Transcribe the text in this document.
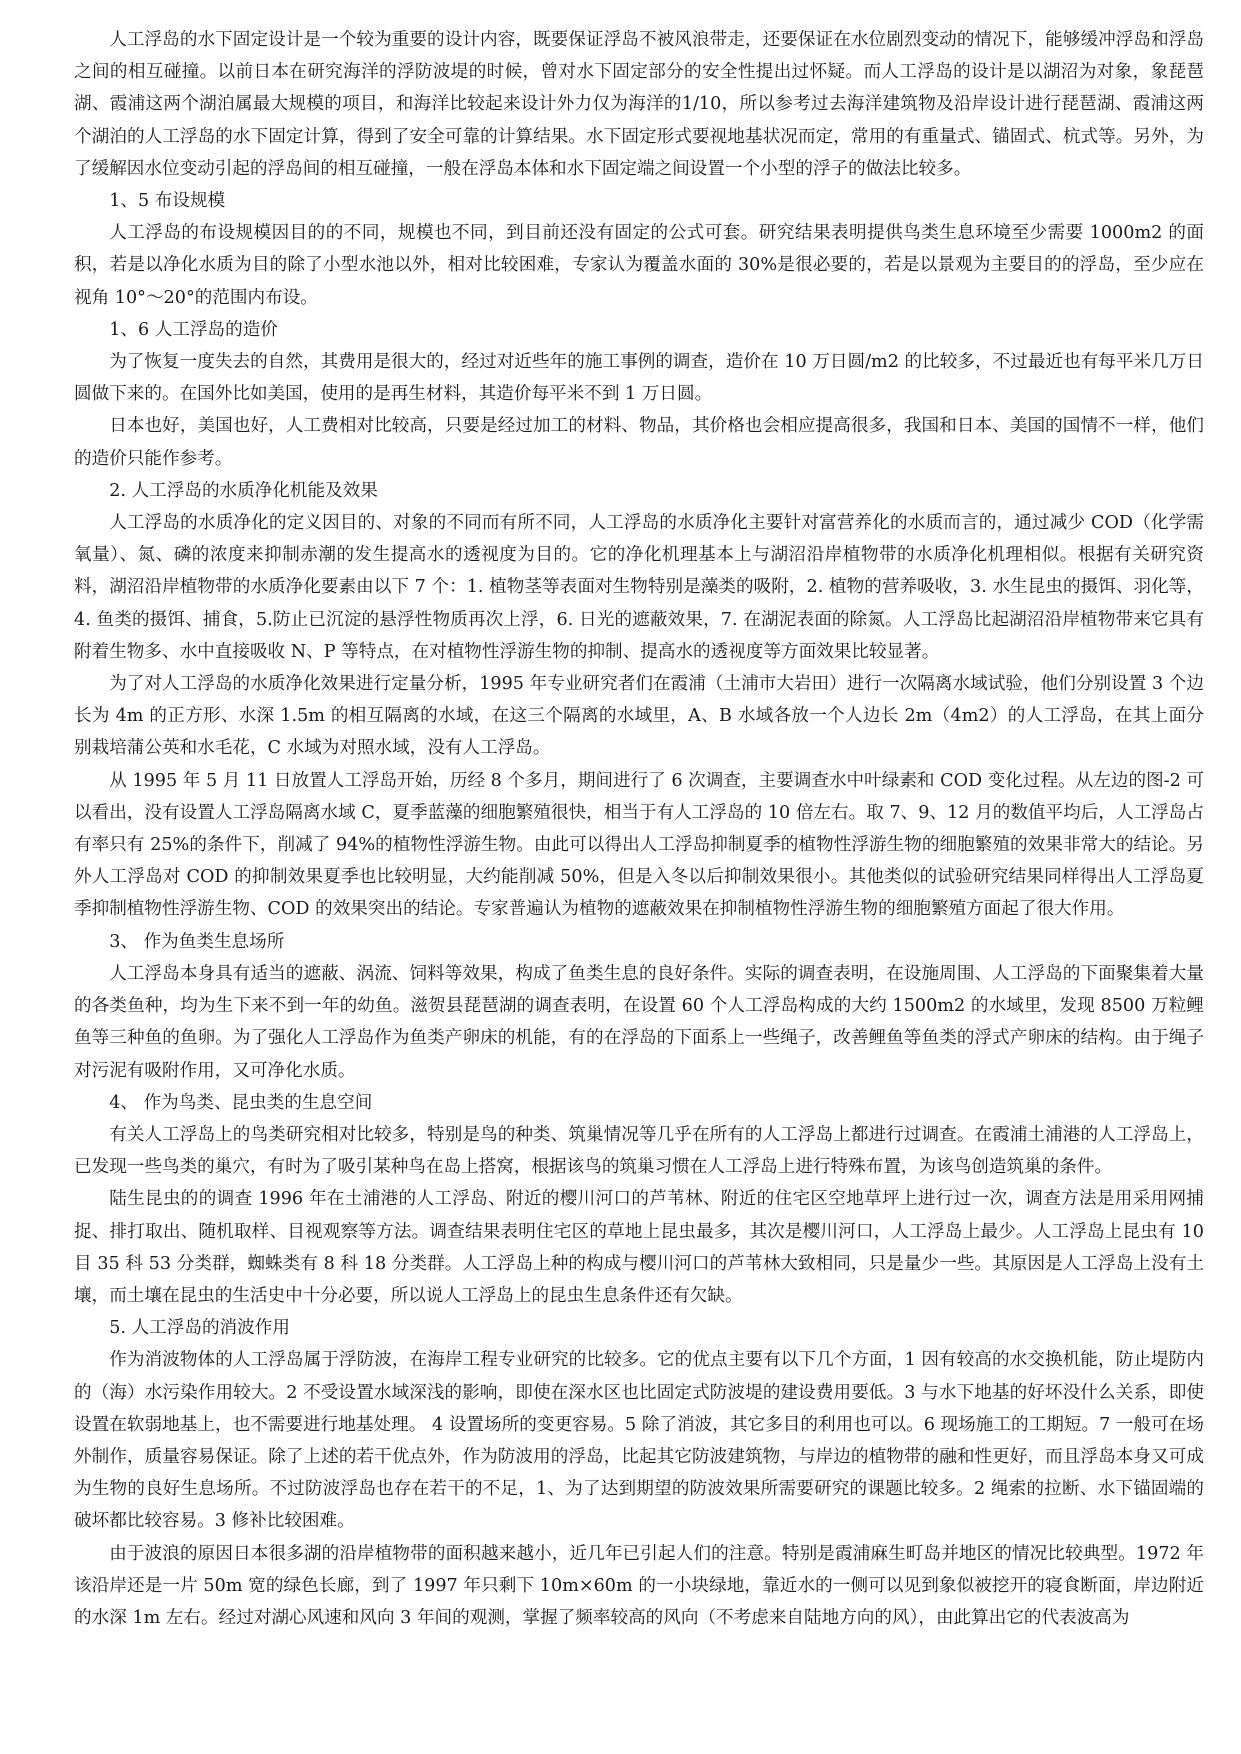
人工浮岛的水下固定设计是一个较为重要的设计内容，既要保证浮岛不被风浪带走，还要保证在水位剧烈变动的情况下，能够缓冲浮岛和浮岛之间的相互碰撞。以前日本在研究海洋的浮防波堤的时候，曾对水下固定部分的安全性提出过怀疑。而人工浮岛的设计是以湖沼为对象，象琵琶湖、霞浦这两个湖泊属最大规模的项目，和海洋比较起来设计外力仅为海洋的1/10，所以参考过去海洋建筑物及沿岸设计进行琵琶湖、霞浦这两个湖泊的人工浮岛的水下固定计算，得到了安全可靠的计算结果。水下固定形式要视地基状况而定，常用的有重量式、锚固式、杭式等。另外，为了缓解因水位变动引起的浮岛间的相互碰撞，一般在浮岛本体和水下固定端之间设置一个小型的浮子的做法比较多。

1、5 布设规模

人工浮岛的布设规模因目的的不同，规模也不同，到目前还没有固定的公式可套。研究结果表明提供鸟类生息环境至少需要 1000m2 的面积，若是以净化水质为目的除了小型水池以外，相对比较困难，专家认为覆盖水面的 30%是很必要的，若是以景观为主要目的的浮岛，至少应在视角 10°～20°的范围内布设。

1、6 人工浮岛的造价

为了恢复一度失去的自然，其费用是很大的，经过对近些年的施工事例的调查，造价在 10 万日圆/m2 的比较多，不过最近也有每平米几万日圆做下来的。在国外比如美国，使用的是再生材料，其造价每平米不到 1 万日圆。

日本也好，美国也好，人工费相对比较高，只要是经过加工的材料、物品，其价格也会相应提高很多，我国和日本、美国的国情不一样，他们的造价只能作参考。

2. 人工浮岛的水质净化机能及效果

人工浮岛的水质净化的定义因目的、对象的不同而有所不同，人工浮岛的水质净化主要针对富营养化的水质而言的，通过减少 COD（化学需氧量）、氮、磷的浓度来抑制赤潮的发生提高水的透视度为目的。它的净化机理基本上与湖沼沿岸植物带的水质净化机理相似。根据有关研究资料，湖沼沿岸植物带的水质净化要素由以下 7 个：1. 植物茎等表面对生物特别是藻类的吸附，2. 植物的营养吸收，3. 水生昆虫的摄饵、羽化等，4. 鱼类的摄饵、捕食，5.防止已沉淀的悬浮性物质再次上浮，6. 日光的遮蔽效果，7. 在湖泥表面的除氮。人工浮岛比起湖沼沿岸植物带来它具有附着生物多、水中直接吸收 N、P 等特点，在对植物性浮游生物的抑制、提高水的透视度等方面效果比较显著。

为了对人工浮岛的水质净化效果进行定量分析，1995 年专业研究者们在霞浦（土浦市大岩田）进行一次隔离水域试验，他们分别设置 3 个边长为 4m 的正方形、水深 1.5m 的相互隔离的水域，在这三个隔离的水域里，A、B 水域各放一个人边长 2m（4m2）的人工浮岛，在其上面分别栽培蒲公英和水毛花，C 水域为对照水域，没有人工浮岛。

从 1995 年 5 月 11 日放置人工浮岛开始，历经 8 个多月，期间进行了 6 次调查，主要调查水中叶绿素和 COD 变化过程。从左边的图-2 可以看出，没有设置人工浮岛隔离水域 C，夏季蓝藻的细胞繁殖很快，相当于有人工浮岛的 10 倍左右。取 7、9、12 月的数值平均后，人工浮岛占有率只有 25%的条件下，削减了 94%的植物性浮游生物。由此可以得出人工浮岛抑制夏季的植物性浮游生物的细胞繁殖的效果非常大的结论。另外人工浮岛对 COD 的抑制效果夏季也比较明显，大约能削减 50%，但是入冬以后抑制效果很小。其他类似的试验研究结果同样得出人工浮岛夏季抑制植物性浮游生物、COD 的效果突出的结论。专家普遍认为植物的遮蔽效果在抑制植物性浮游生物的细胞繁殖方面起了很大作用。

3、 作为鱼类生息场所

人工浮岛本身具有适当的遮蔽、涡流、饲料等效果，构成了鱼类生息的良好条件。实际的调查表明，在设施周围、人工浮岛的下面聚集着大量的各类鱼种，均为生下来不到一年的幼鱼。滋贺县琵琶湖的调查表明，在设置 60 个人工浮岛构成的大约 1500m2 的水域里，发现 8500 万粒鲤鱼等三种鱼的鱼卵。为了强化人工浮岛作为鱼类产卵床的机能，有的在浮岛的下面系上一些绳子，改善鲤鱼等鱼类的浮式产卵床的结构。由于绳子对污泥有吸附作用，又可净化水质。

4、 作为鸟类、昆虫类的生息空间

有关人工浮岛上的鸟类研究相对比较多，特别是鸟的种类、筑巢情况等几乎在所有的人工浮岛上都进行过调查。在霞浦土浦港的人工浮岛上，已发现一些鸟类的巢穴，有时为了吸引某种鸟在岛上搭窝，根据该鸟的筑巢习惯在人工浮岛上进行特殊布置，为该鸟创造筑巢的条件。

陆生昆虫的的调查 1996 年在土浦港的人工浮岛、附近的樱川河口的芦苇林、附近的住宅区空地草坪上进行过一次，调查方法是用采用网捕捉、排打取出、随机取样、目视观察等方法。调查结果表明住宅区的草地上昆虫最多，其次是樱川河口，人工浮岛上最少。人工浮岛上昆虫有 10 目 35 科 53 分类群，蜘蛛类有 8 科 18 分类群。人工浮岛上种的构成与樱川河口的芦苇林大致相同，只是量少一些。其原因是人工浮岛上没有土壤，而土壤在昆虫的生活史中十分必要，所以说人工浮岛上的昆虫生息条件还有欠缺。

5. 人工浮岛的消波作用

作为消波物体的人工浮岛属于浮防波，在海岸工程专业研究的比较多。它的优点主要有以下几个方面，1 因有较高的水交换机能，防止堤防内的（海）水污染作用较大。2 不受设置水域深浅的影响，即使在深水区也比固定式防波堤的建设费用要低。3 与水下地基的好坏没什么关系，即使设置在软弱地基上，也不需要进行地基处理。 4 设置场所的变更容易。5 除了消波，其它多目的利用也可以。6 现场施工的工期短。7 一般可在场外制作，质量容易保证。除了上述的若干优点外，作为防波用的浮岛，比起其它防波建筑物，与岸边的植物带的融和性更好，而且浮岛本身又可成为生物的良好生息场所。不过防波浮岛也存在若干的不足，1、为了达到期望的防波效果所需要研究的课题比较多。2 绳索的拉断、水下锚固端的破坏都比较容易。3 修补比较困难。

由于波浪的原因日本很多湖的沿岸植物带的面积越来越小，近几年已引起人们的注意。特别是霞浦麻生町岛并地区的情况比较典型。1972 年该沿岸还是一片 50m 宽的绿色长廊，到了 1997 年只剩下 10m×60m 的一小块绿地，靠近水的一侧可以见到象似被挖开的寝食断面，岸边附近的水深 1m 左右。经过对湖心风速和风向 3 年间的观测，掌握了频率较高的风向（不考虑来自陆地方向的风），由此算出它的代表波高为
